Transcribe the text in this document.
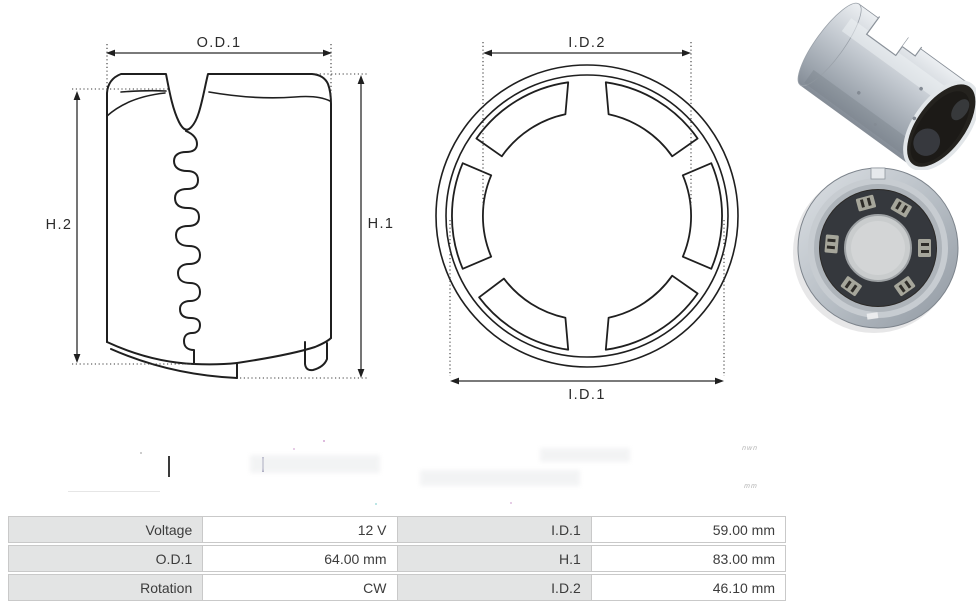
O.D.1
H.2	H.1
I.D.2
I.D.1
nwn
mm
Voltage	12 V	I.D.1	59.00 mm
O.D.1	64.00 mm	H.1	83.00 mm
Rotation	CW	I.D.2	46.10 mm
